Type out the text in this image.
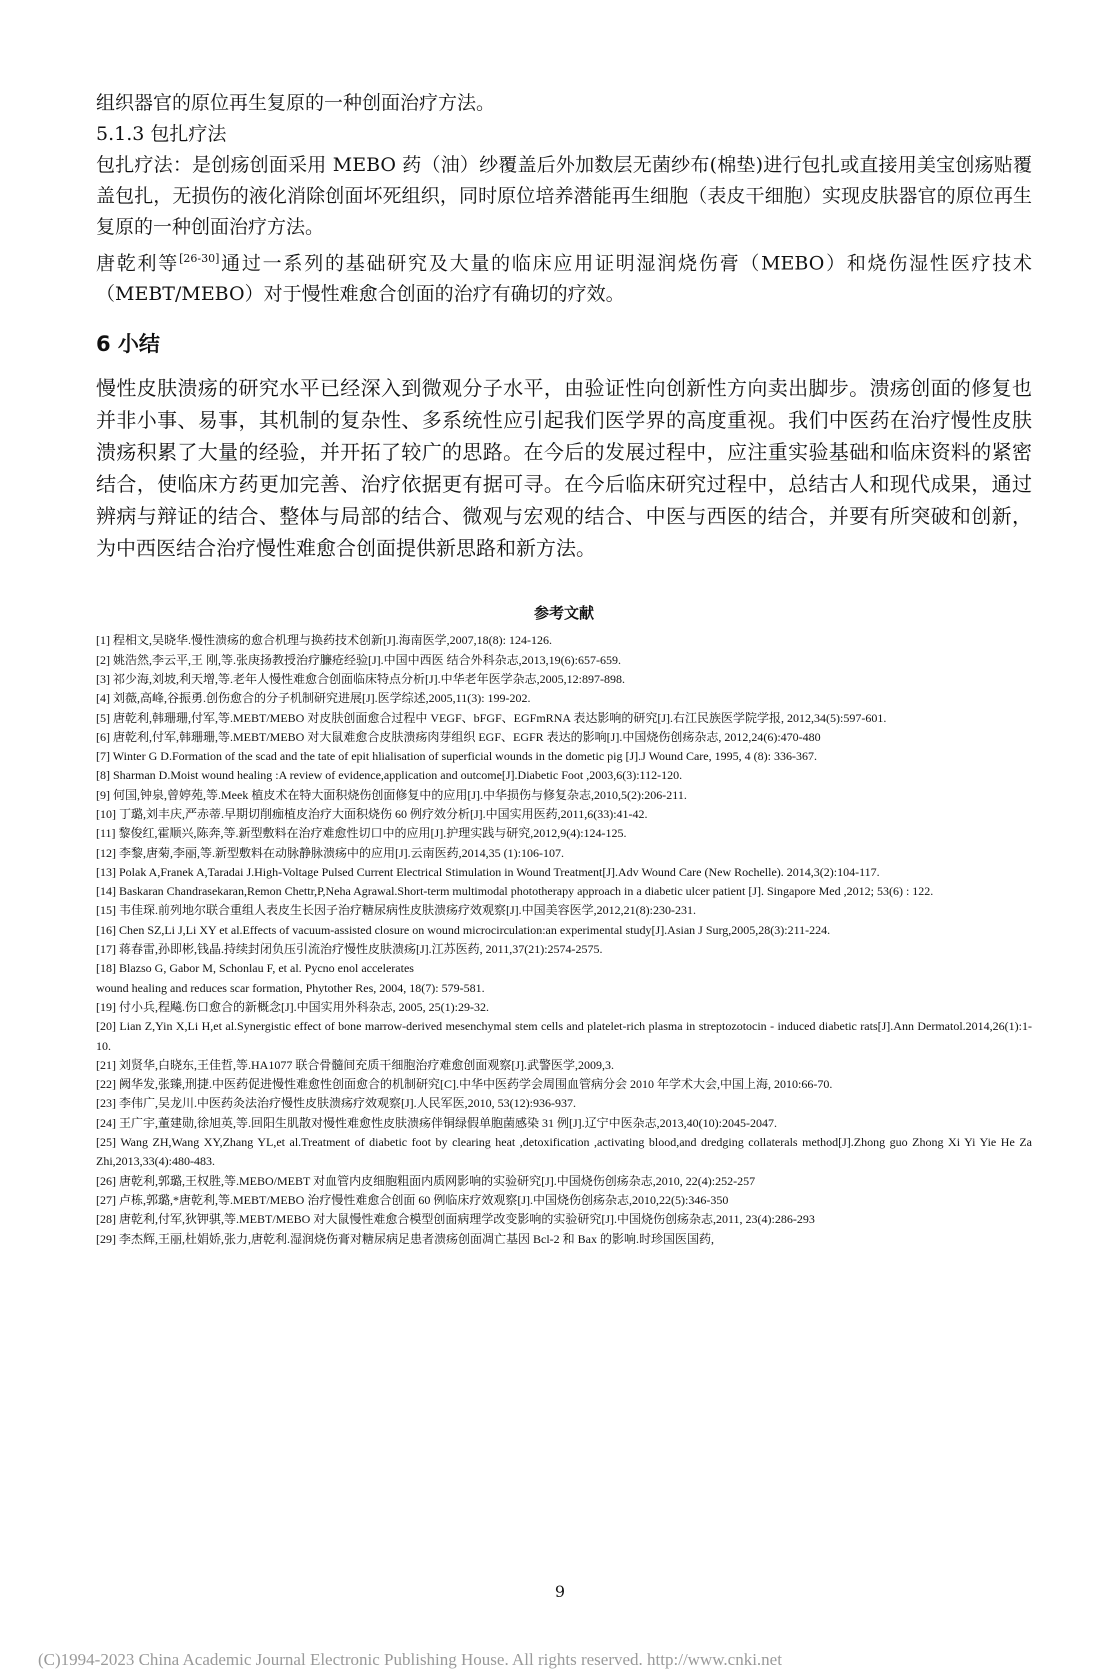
组织器官的原位再生复原的一种创面治疗方法。

5.1.3 包扎疗法

包扎疗法：是创疡创面采用 MEBO 药（油）纱覆盖后外加数层无菌纱布(棉垫)进行包扎或直接用美宝创疡贴覆盖包扎，无损伤的液化消除创面坏死组织，同时原位培养潜能再生细胞（表皮干细胞）实现皮肤器官的原位再生复原的一种创面治疗方法。

唐乾利等[26-30]通过一系列的基础研究及大量的临床应用证明湿润烧伤膏（MEBO）和烧伤湿性医疗技术（MEBT/MEBO）对于慢性难愈合创面的治疗有确切的疗效。

6 小结

慢性皮肤溃疡的研究水平已经深入到微观分子水平，由验证性向创新性方向卖出脚步。溃疡创面的修复也并非小事、易事，其机制的复杂性、多系统性应引起我们医学界的高度重视。我们中医药在治疗慢性皮肤溃疡积累了大量的经验，并开拓了较广的思路。在今后的发展过程中，应注重实验基础和临床资料的紧密结合，使临床方药更加完善、治疗依据更有据可寻。在今后临床研究过程中，总结古人和现代成果，通过辨病与辩证的结合、整体与局部的结合、微观与宏观的结合、中医与西医的结合，并要有所突破和创新，为中西医结合治疗慢性难愈合创面提供新思路和新方法。

参考文献
[1] 程相文,吴晓华.慢性溃疡的愈合机理与换药技术创新[J].海南医学,2007,18(8): 124-126.
[2] 姚浩然,李云平,王 刚,等.张庚扬教授治疗臁疮经验[J].中国中西医 结合外科杂志,2013,19(6):657-659.
[3] 祁少海,刘坡,利天增,等.老年人慢性难愈合创面临床特点分析[J].中华老年医学杂志,2005,12:897-898.
[4] 刘薇,高峰,谷振勇.创伤愈合的分子机制研究进展[J].医学综述,2005,11(3): 199-202.
[5] 唐乾利,韩珊珊,付军,等.MEBT/MEBO 对皮肤创面愈合过程中 VEGF、bFGF、EGFmRNA 表达影响的研究[J].右江民族医学院学报, 2012,34(5):597-601.
[6] 唐乾利,付军,韩珊珊,等.MEBT/MEBO 对大鼠难愈合皮肤溃疡肉芽组织 EGF、EGFR 表达的影响[J].中国烧伤创疡杂志, 2012,24(6):470-480
[7] Winter G D.Formation of the scad and the tate of epit hlialisation of superficial wounds in the dometic pig [J].J Wound Care, 1995, 4 (8): 336-367.
[8] Sharman D.Moist wound healing :A review of evidence,application and outcome[J].Diabetic Foot ,2003,6(3):112-120.
[9] 何国,钟泉,曾婷苑,等.Meek 植皮术在特大面积烧伤创面修复中的应用[J].中华损伤与修复杂志,2010,5(2):206-211.
[10] 丁璐,刘丰庆,严赤蒂.早期切削痂植皮治疗大面积烧伤 60 例疗效分析[J].中国实用医药,2011,6(33):41-42.
[11] 黎俊红,霍顺兴,陈奔,等.新型敷料在治疗难愈性切口中的应用[J].护理实践与研究,2012,9(4):124-125.
[12] 李黎,唐菊,李丽,等.新型敷料在动脉静脉溃疡中的应用[J].云南医药,2014,35 (1):106-107.
[13] Polak A,Franek A,Taradai J.High-Voltage Pulsed Current Electrical Stimulation in Wound Treatment[J].Adv Wound Care (New Rochelle). 2014,3(2):104-117.
[14] Baskaran Chandrasekaran,Remon Chettr,P,Neha Agrawal.Short-term multimodal phototherapy approach in a diabetic ulcer patient [J]. Singapore Med ,2012; 53(6) : 122.
[15] 韦佳琛.前列地尔联合重组人表皮生长因子治疗糖尿病性皮肤溃疡疗效观察[J].中国美容医学,2012,21(8):230-231.
[16] Chen SZ,Li J,Li XY et al.Effects of vacuum-assisted closure on wound microcirculation:an experimental study[J].Asian J Surg,2005,28(3):211-224.
[17] 蒋春雷,孙即彬,钱晶.持续封闭负压引流治疗慢性皮肤溃疡[J].江苏医药, 2011,37(21):2574-2575.
[18] Blazso G, Gabor M, Schonlau F, et al. Pycno enol accelerates
wound healing and reduces scar formation, Phytother Res, 2004, 18(7): 579-581.
[19] 付小兵,程飚.伤口愈合的新概念[J].中国实用外科杂志, 2005, 25(1):29-32.
[20] Lian Z,Yin X,Li H,et al.Synergistic effect of bone marrow-derived mesenchymal stem cells and platelet-rich plasma in streptozotocin - induced diabetic rats[J].Ann Dermatol.2014,26(1):1-10.
[21] 刘贤华,白晓东,王佳哲,等.HA1077 联合骨髓间充质干细胞治疗难愈创面观察[J].武警医学,2009,3.
[22] 阙华发,张臻,刑捷.中医药促进慢性难愈性创面愈合的机制研究[C].中华中医药学会周围血管病分会 2010 年学术大会,中国上海, 2010:66-70.
[23] 李伟广,吴龙川.中医药灸法治疗慢性皮肤溃疡疗效观察[J].人民军医,2010, 53(12):936-937.
[24] 王广宇,董建勋,徐旭英,等.回阳生肌散对慢性难愈性皮肤溃疡伴铜绿假单胞菌感染 31 例[J].辽宁中医杂志,2013,40(10):2045-2047.
[25] Wang ZH,Wang XY,Zhang YL,et al.Treatment of diabetic foot by clearing heat ,detoxification ,activating blood,and dredging collaterals method[J].Zhong guo Zhong Xi Yi Yie He Za Zhi,2013,33(4):480-483.
[26] 唐乾利,郭璐,王权胜,等.MEBO/MEBT 对血管内皮细胞粗面内质网影响的实验研究[J].中国烧伤创疡杂志,2010, 22(4):252-257
[27] 卢栋,郭璐,*唐乾利,等.MEBT/MEBO 治疗慢性难愈合创面 60 例临床疗效观察[J].中国烧伤创疡杂志,2010,22(5):346-350
[28] 唐乾利,付军,狄钾骐,等.MEBT/MEBO 对大鼠慢性难愈合模型创面病理学改变影响的实验研究[J].中国烧伤创疡杂志,2011, 23(4):286-293
[29] 李杰辉,王丽,杜娟娇,张力,唐乾利.湿润烧伤膏对糖尿病足患者溃疡创面凋亡基因 Bcl-2 和 Bax 的影响.时珍国医国药,
9
(C)1994-2023 China Academic Journal Electronic Publishing House. All rights reserved. http://www.cnki.net
